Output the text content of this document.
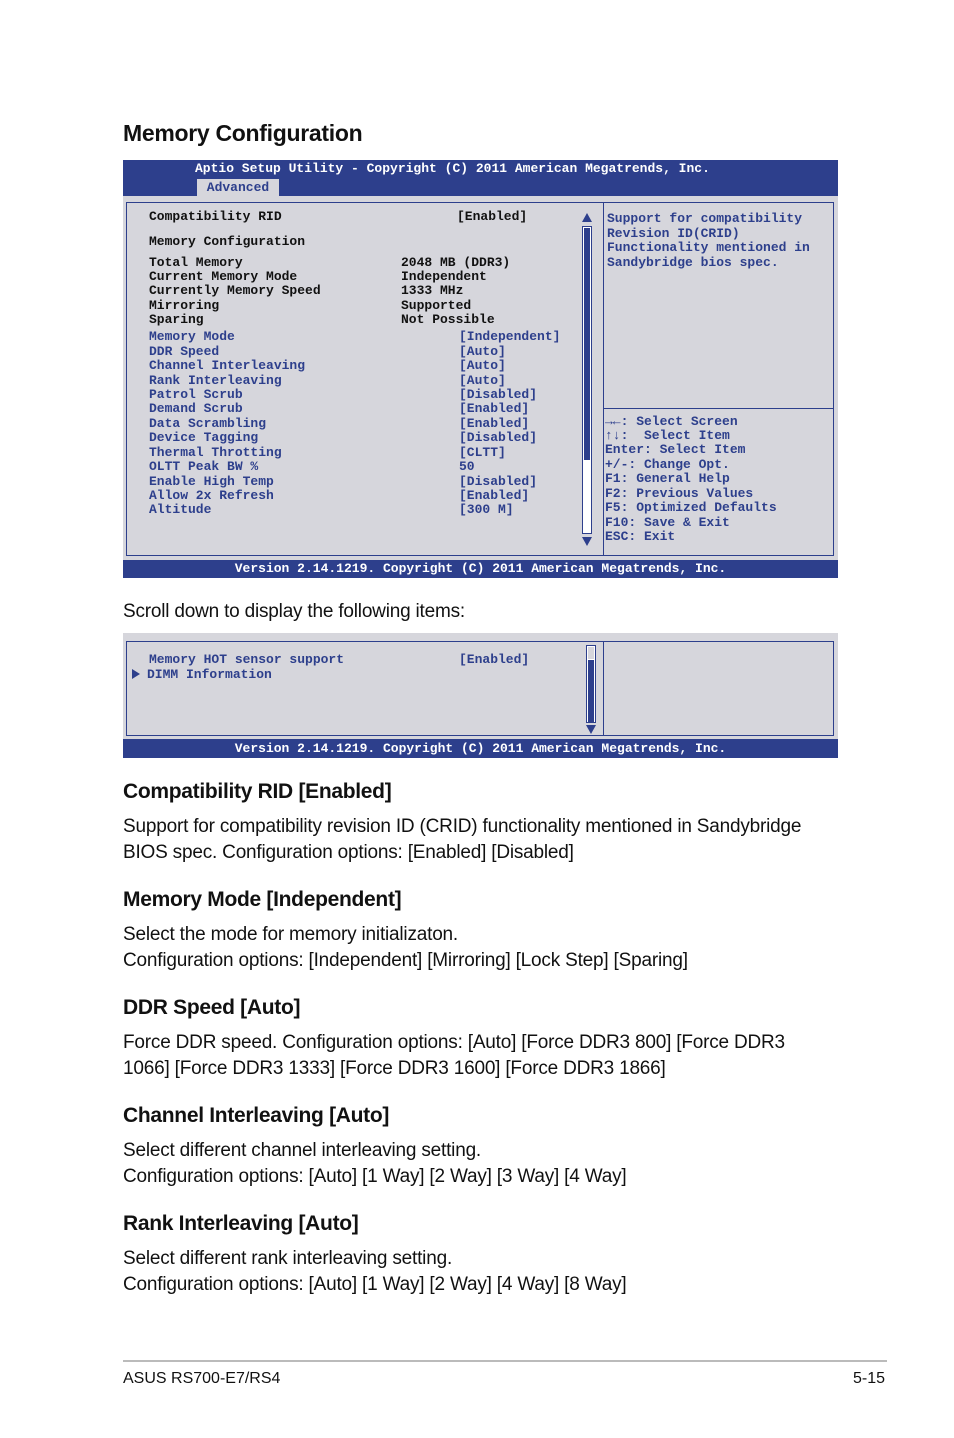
Memory Configuration
Aptio Setup Utility - Copyright (C) 2011 American Megatrends, Inc.
Advanced
Compatibility RID	[Enabled]
Memory Configuration
Total Memory	2048 MB (DDR3)
Current Memory Mode	Independent
Currently Memory Speed	1333 MHz
Mirroring	Supported
Sparing	Not Possible
Memory Mode	[Independent]
DDR Speed	[Auto]
Channel Interleaving	[Auto]
Rank Interleaving	[Auto]
Patrol Scrub	[Disabled]
Demand Scrub	[Enabled]
Data Scrambling	[Enabled]
Device Tagging	[Disabled]
Thermal Throtting	[CLTT]
OLTT Peak BW %	50
Enable High Temp	[Disabled]
Allow 2x Refresh	[Enabled]
Altitude	[300 M]
Support for compatibility
Revision ID(CRID)
Functionality mentioned in
Sandybridge bios spec.
→←: Select Screen
↑↓:  Select Item
Enter: Select Item
+/-: Change Opt.
F1: General Help
F2: Previous Values
F5: Optimized Defaults
F10: Save & Exit
ESC: Exit
Version 2.14.1219. Copyright (C) 2011 American Megatrends, Inc.
Scroll down to display the following items:
Memory HOT sensor support	[Enabled]
DIMM Information
Version 2.14.1219. Copyright (C) 2011 American Megatrends, Inc.
Compatibility RID [Enabled]
Support for compatibility revision ID (CRID) functionality mentioned in Sandybridge
BIOS spec. Configuration options: [Enabled] [Disabled]
Memory Mode [Independent]
Select the mode for memory initializaton.
Configuration options: [Independent] [Mirroring] [Lock Step] [Sparing]
DDR Speed [Auto]
Force DDR speed. Configuration options: [Auto] [Force DDR3 800] [Force DDR3
1066] [Force DDR3 1333] [Force DDR3 1600] [Force DDR3 1866]
Channel Interleaving [Auto]
Select different channel interleaving setting.
Configuration options: [Auto] [1 Way] [2 Way] [3 Way] [4 Way]
Rank Interleaving [Auto]
Select different rank interleaving setting.
Configuration options: [Auto] [1 Way] [2 Way] [4 Way] [8 Way]
ASUS RS700-E7/RS4	5-15
